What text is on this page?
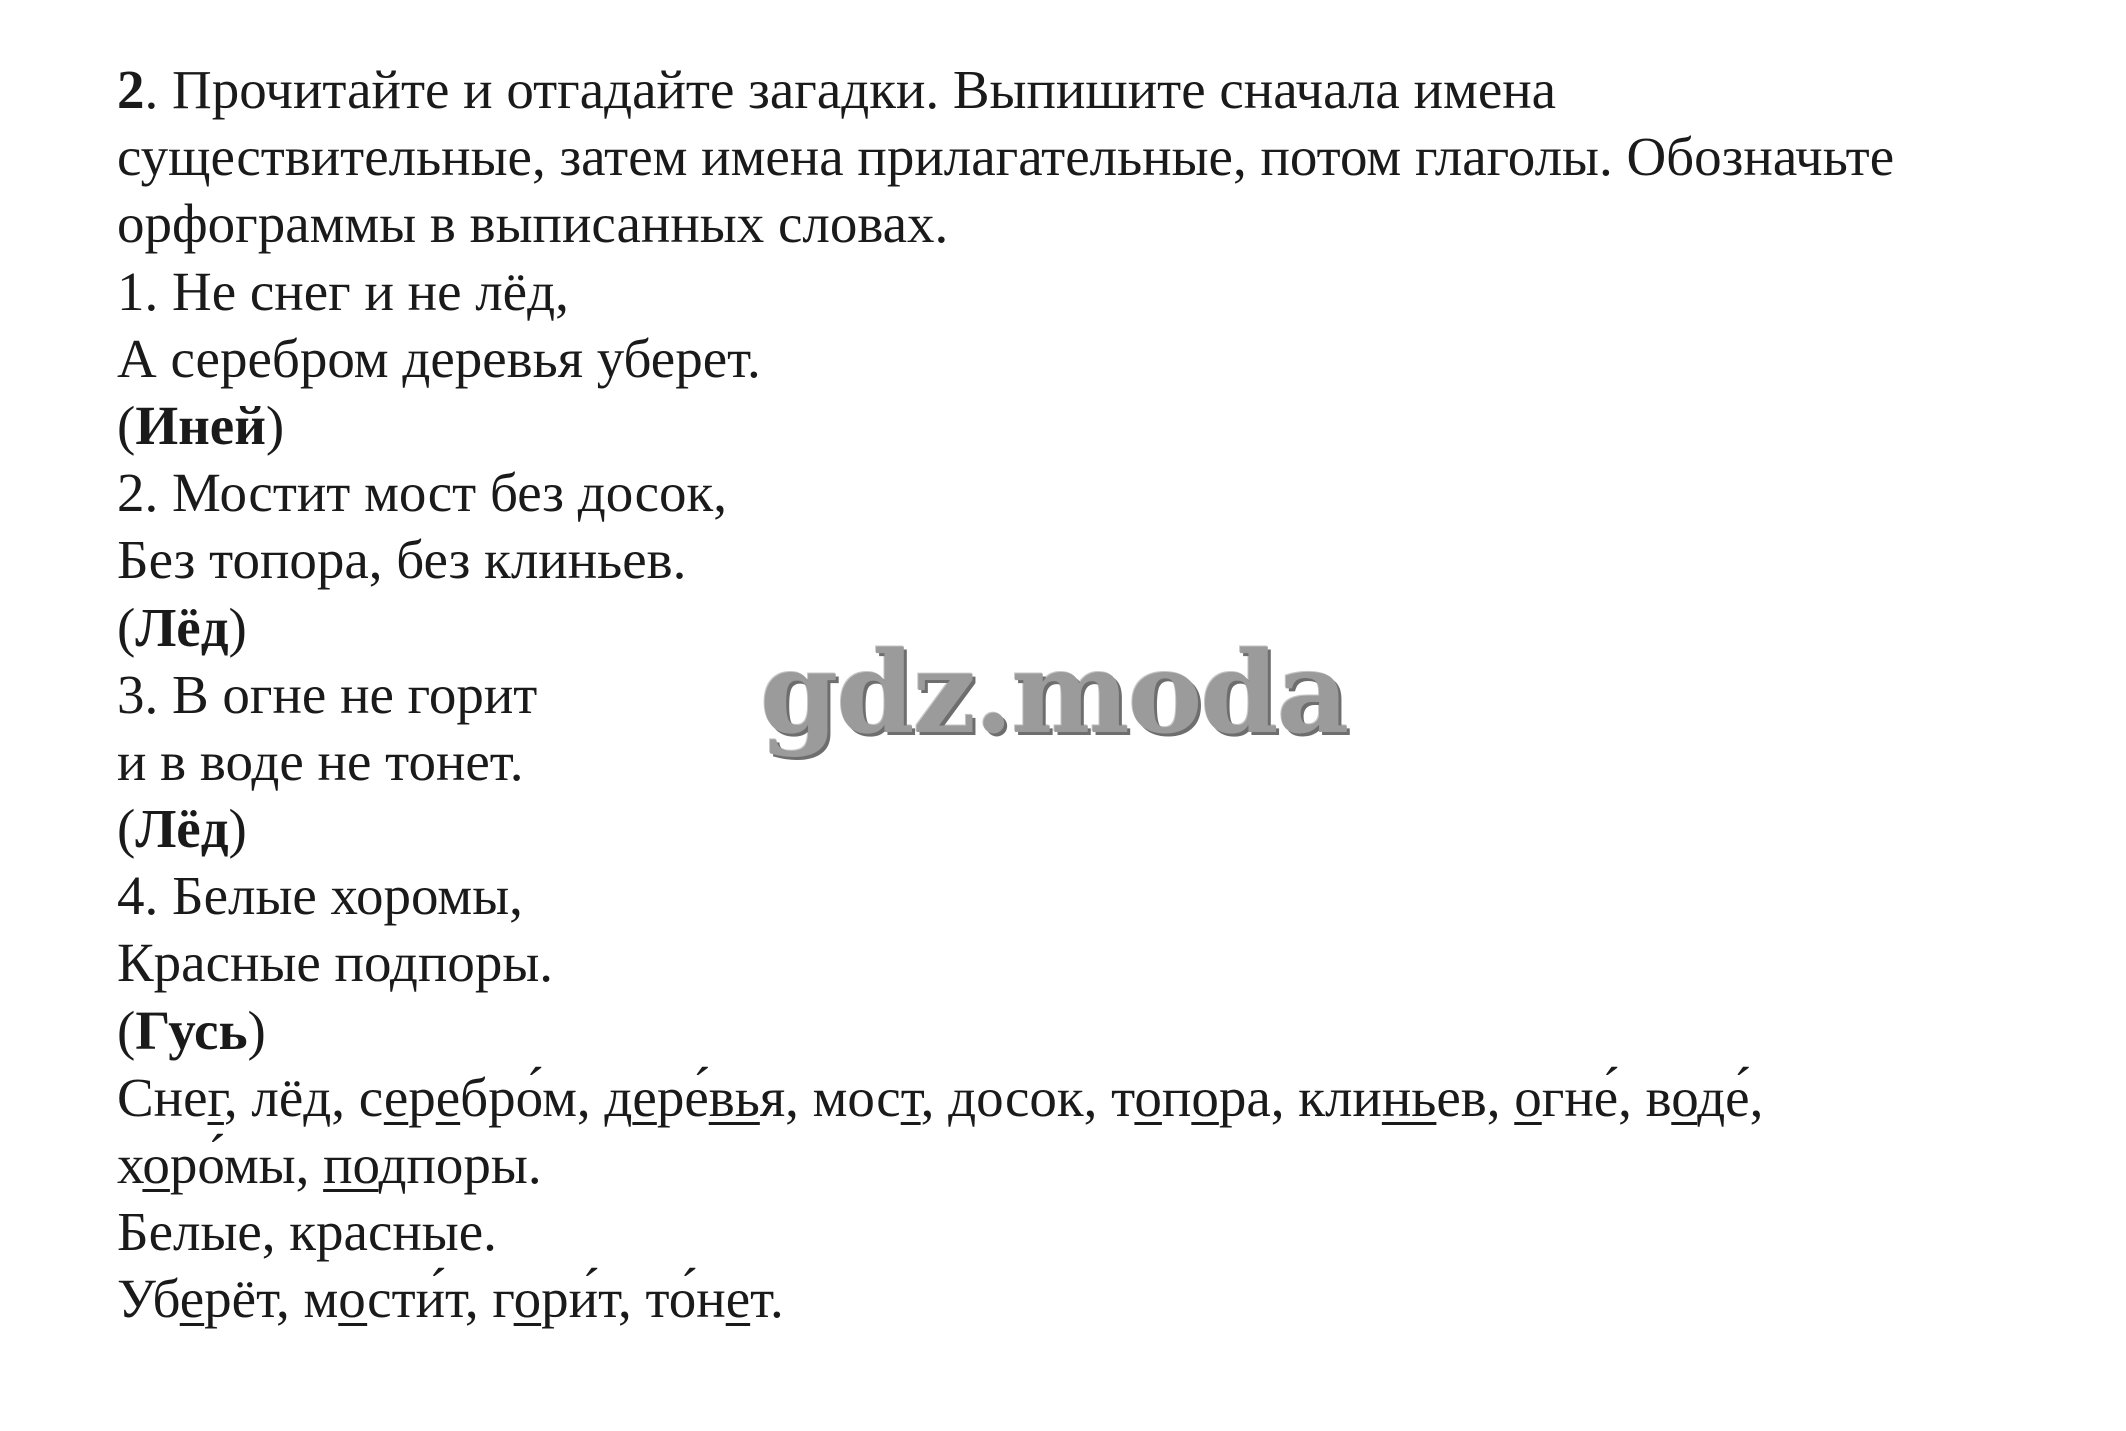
2. Прочитайте и отгадайте загадки. Выпишите сначала имена
существительные, затем имена прилагательные, потом глаголы. Обозначьте
орфограммы в выписанных словах.
1. Не снег и не лёд,
А серебром деревья уберет.
(Иней)
2. Мостит мост без досок,
Без топора, без клиньев.
(Лёд)
3. В огне не горит
и в воде не тонет.
(Лёд)
4. Белые хоромы,
Красные подпоры.
(Гусь)
Снег, лёд, серебро́м, дере́вья, мост, досок, топора, клиньев, огне́, воде́,
хоро́мы, подпоры.
Белые, красные.
Уберёт, мости́т, гори́т, то́нет.
gdz.moda
